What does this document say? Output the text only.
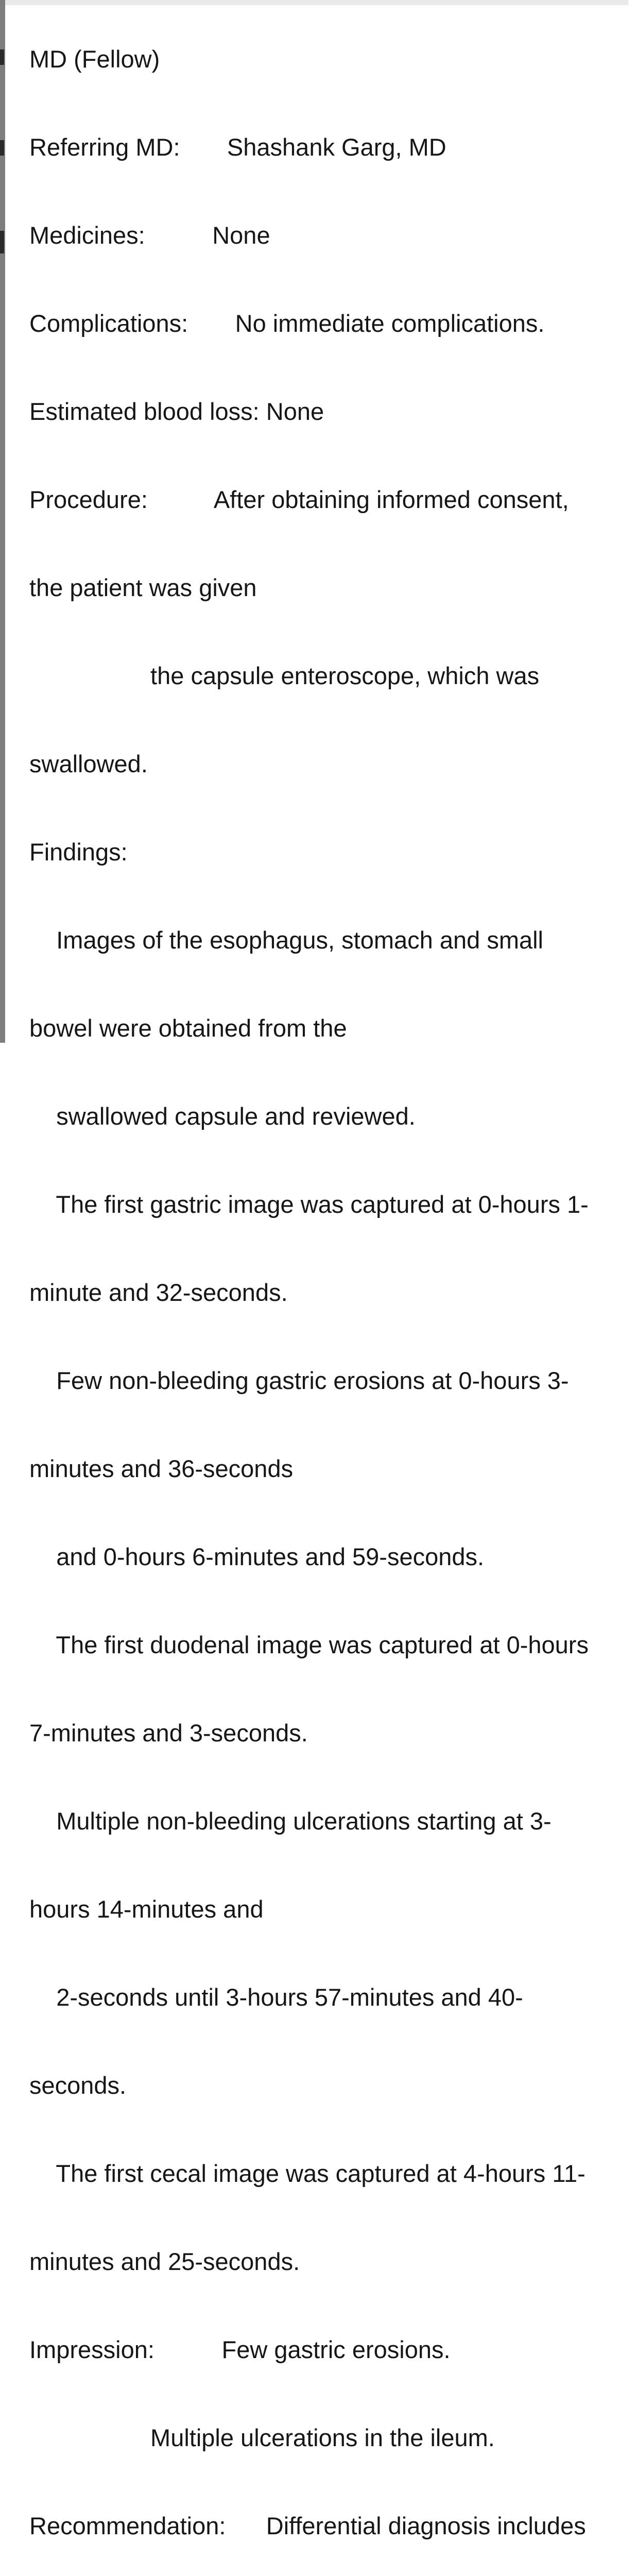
MD (Fellow)

Referring MD:       Shashank Garg, MD

Medicines:          None

Complications:       No immediate complications.

Estimated blood loss: None

Procedure:          After obtaining informed consent,

the patient was given

the capsule enteroscope, which was

swallowed.

Findings:

Images of the esophagus, stomach and small

bowel were obtained from the

swallowed capsule and reviewed.

The first gastric image was captured at 0-hours 1-

minute and 32-seconds.

Few non-bleeding gastric erosions at 0-hours 3-

minutes and 36-seconds

and 0-hours 6-minutes and 59-seconds.

The first duodenal image was captured at 0-hours

7-minutes and 3-seconds.

Multiple non-bleeding ulcerations starting at 3-

hours 14-minutes and

2-seconds until 3-hours 57-minutes and 40-

seconds.

The first cecal image was captured at 4-hours 11-

minutes and 25-seconds.

Impression:          Few gastric erosions.

Multiple ulcerations in the ileum.

Recommendation:      Differential diagnosis includes
